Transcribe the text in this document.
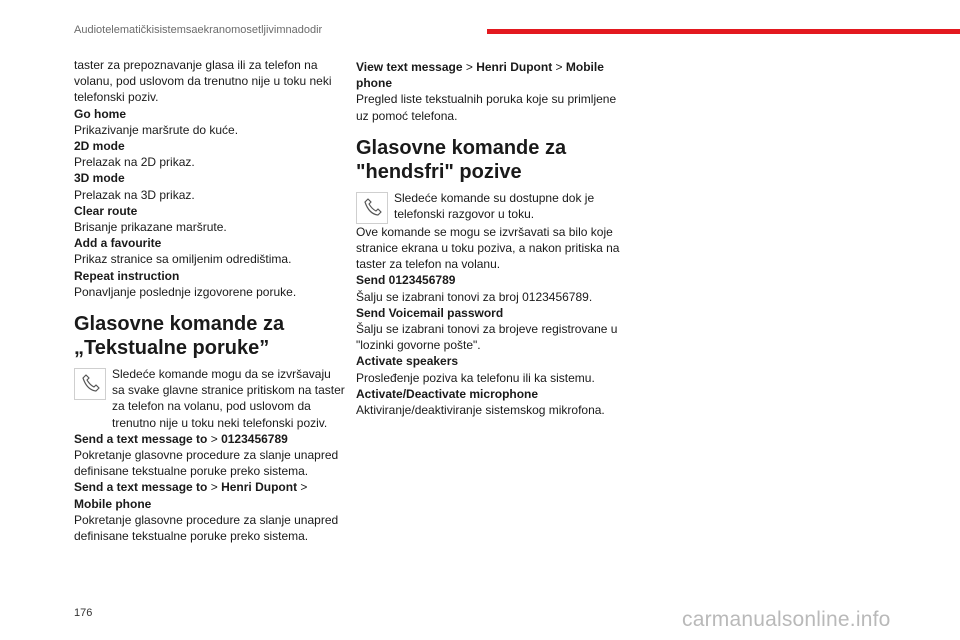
Audiotelematičkisistemsaekranomosetljivimnadodir

taster za prepoznavanje glasa ili za telefon na volanu, pod uslovom da trenutno nije u toku neki telefonski poziv.

Go home

Prikazivanje maršrute do kuće.

2D mode

Prelazak na 2D prikaz.

3D mode

Prelazak na 3D prikaz.

Clear route

Brisanje prikazane maršrute.

Add a favourite

Prikaz stranice sa omiljenim odredištima.

Repeat instruction

Ponavljanje poslednje izgovorene poruke.

Glasovne komande za „Tekstualne poruke”
Sledeće komande mogu da se izvršavaju sa svake glavne stranice pritiskom na taster za telefon na volanu, pod uslovom da trenutno nije u toku neki telefonski poziv.

Send a text message to > 0123456789

Pokretanje glasovne procedure za slanje unapred definisane tekstualne poruke preko sistema.

Send a text message to > Henri Dupont > Mobile phone

Pokretanje glasovne procedure za slanje unapred definisane tekstualne poruke preko sistema.

View text message > Henri Dupont > Mobile phone

Pregled liste tekstualnih poruka koje su primljene uz pomoć telefona.

Glasovne komande za "hendsfri" pozive
Sledeće komande su dostupne dok je telefonski razgovor u toku.

Ove komande se mogu se izvršavati sa bilo koje stranice ekrana u toku poziva, a nakon pritiska na taster za telefon na volanu.

Send 0123456789

Šalju se izabrani tonovi za broj 0123456789.

Send Voicemail password

Šalju se izabrani tonovi za brojeve registrovane u "lozinki govorne pošte".

Activate speakers

Prosleđenje poziva ka telefonu ili ka sistemu.

Activate/Deactivate microphone

Aktiviranje/deaktiviranje sistemskog mikrofona.

176	carmanualsonline.info
